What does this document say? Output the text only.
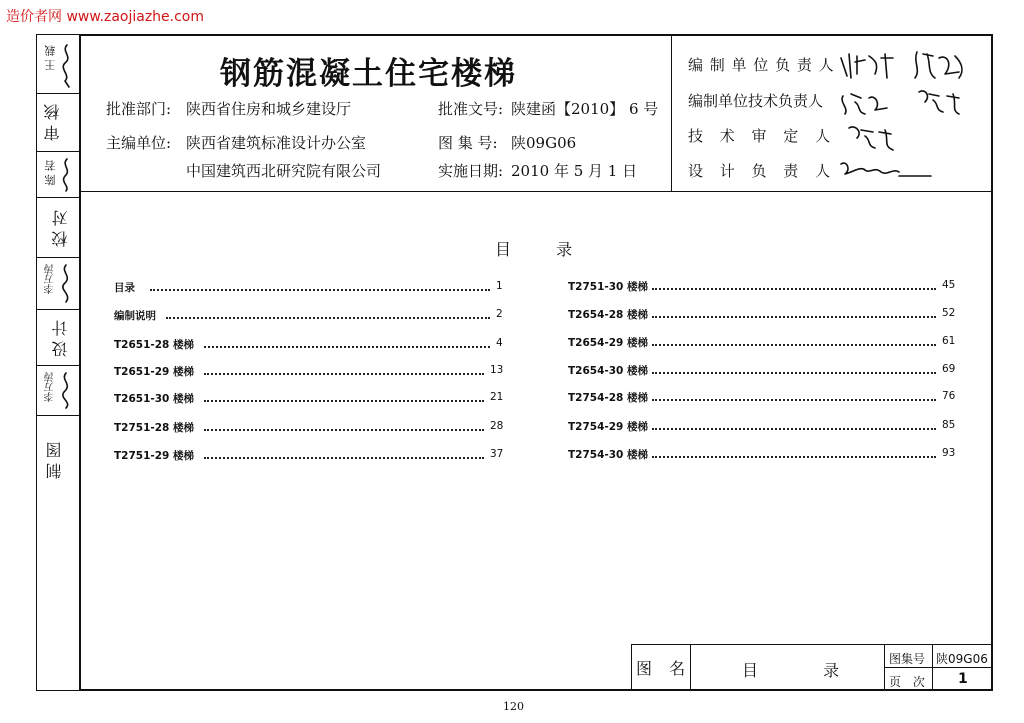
造价者网 www.zaojiazhe.com
王 载
审 核
陈 若
校 对
李万涛
设 计
李万涛
制 图
钢筋混凝土住宅楼梯
批准部门: 陕西省住房和城乡建设厅	批准文号: 陕建函【2010】 6 号
主编单位: 陕西省建筑标准设计办公室	图 集 号: 陕09G06
中国建筑西北研究院有限公司	实施日期: 2010 年 5 月 1 日
编 制 单 位 负 责 人
编制单位技术负责人
技 术 审 定 人
设 计 负 责 人
目 录
目录	1
编制说明	2
T2651-28 楼梯	4
T2651-29 楼梯	13
T2651-30 楼梯	21
T2751-28 楼梯	28
T2751-29 楼梯	37
T2751-30 楼梯	45
T2654-28 楼梯	52
T2654-29 楼梯	61
T2654-30 楼梯	69
T2754-28 楼梯	76
T2754-29 楼梯	85
T2754-30 楼梯	93
图 名	目 录
图集号 陕09G06
页 次 1
120
